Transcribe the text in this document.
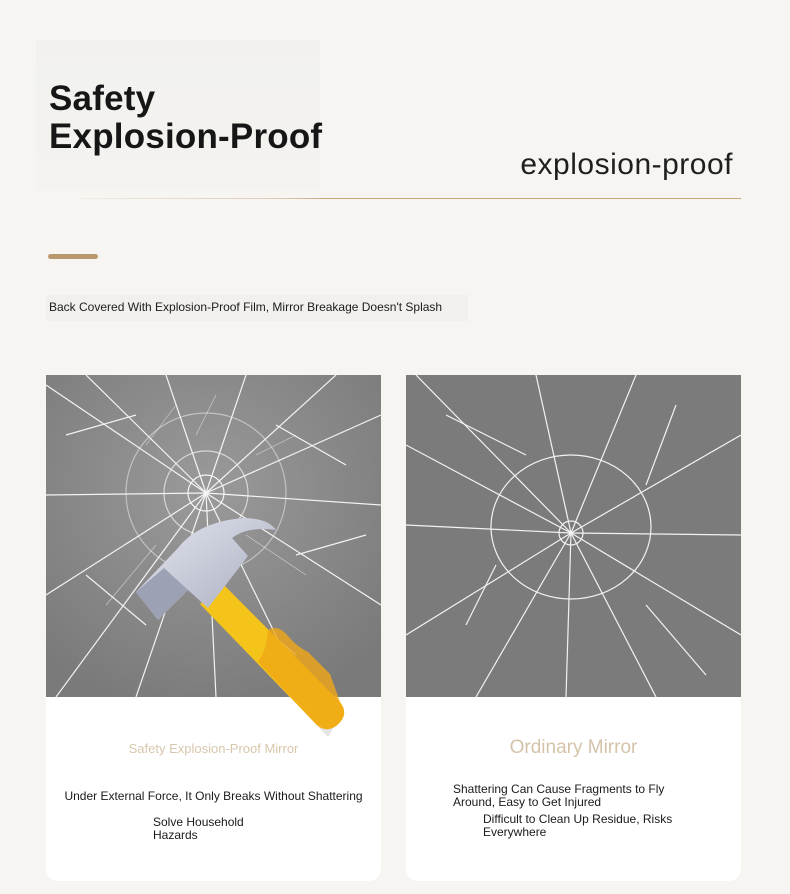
Safety
Explosion-Proof
explosion-proof
Back Covered With Explosion-Proof Film, Mirror Breakage Doesn't Splash
Safety Explosion-Proof Mirror
Under External Force, It Only Breaks Without Shattering
Solve Household Hazards
Ordinary Mirror
Shattering Can Cause Fragments to Fly Around, Easy to Get Injured
Difficult to Clean Up Residue, Risks Everywhere
